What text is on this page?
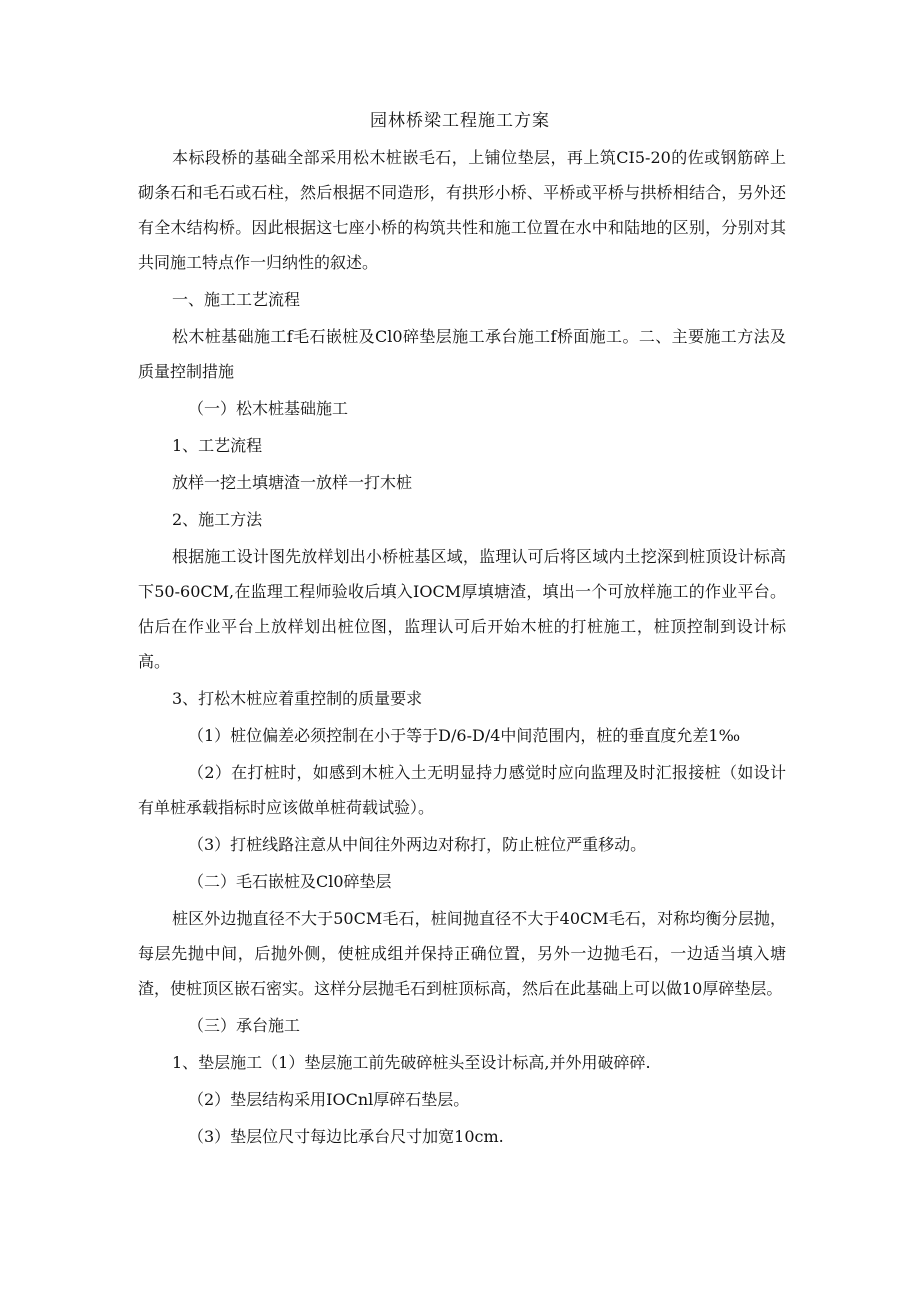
园林桥梁工程施工方案

本标段桥的基础全部采用松木桩嵌毛石，上铺位垫层，再上筑CI5-20的佐或钢筋碎上砌条石和毛石或石柱，然后根据不同造形，有拱形小桥、平桥或平桥与拱桥相结合，另外还有全木结构桥。因此根据这七座小桥的构筑共性和施工位置在水中和陆地的区别，分别对其共同施工特点作一归纳性的叙述。

一、施工工艺流程

松木桩基础施工f毛石嵌桩及Cl0碎垫层施工承台施工f桥面施工。二、主要施工方法及质量控制措施

（一）松木桩基础施工

1、工艺流程

放样一挖土填塘渣一放样一打木桩

2、施工方法

根据施工设计图先放样划出小桥桩基区域，监理认可后将区域内土挖深到桩顶设计标高下50-60CM,在监理工程师验收后填入IOCM厚填塘渣，填出一个可放样施工的作业平台。估后在作业平台上放样划出桩位图，监理认可后开始木桩的打桩施工，桩顶控制到设计标高。

3、打松木桩应着重控制的质量要求

（1）桩位偏差必须控制在小于等于D/6-D/4中间范围内，桩的垂直度允差1‰

（2）在打桩时，如感到木桩入土无明显持力感觉时应向监理及时汇报接桩（如设计有单桩承载指标时应该做单桩荷载试验）。

（3）打桩线路注意从中间往外两边对称打，防止桩位严重移动。

（二）毛石嵌桩及Cl0碎垫层

桩区外边抛直径不大于50CM毛石，桩间抛直径不大于40CM毛石，对称均衡分层抛，每层先抛中间，后抛外侧，使桩成组并保持正确位置，另外一边抛毛石，一边适当填入塘渣，使桩顶区嵌石密实。这样分层抛毛石到桩顶标高，然后在此基础上可以做10厚碎垫层。

（三）承台施工

1、垫层施工（1）垫层施工前先破碎桩头至设计标高,并外用破碎碎.

（2）垫层结构采用IOCnl厚碎石垫层。

（3）垫层位尺寸每边比承台尺寸加宽10cm.
